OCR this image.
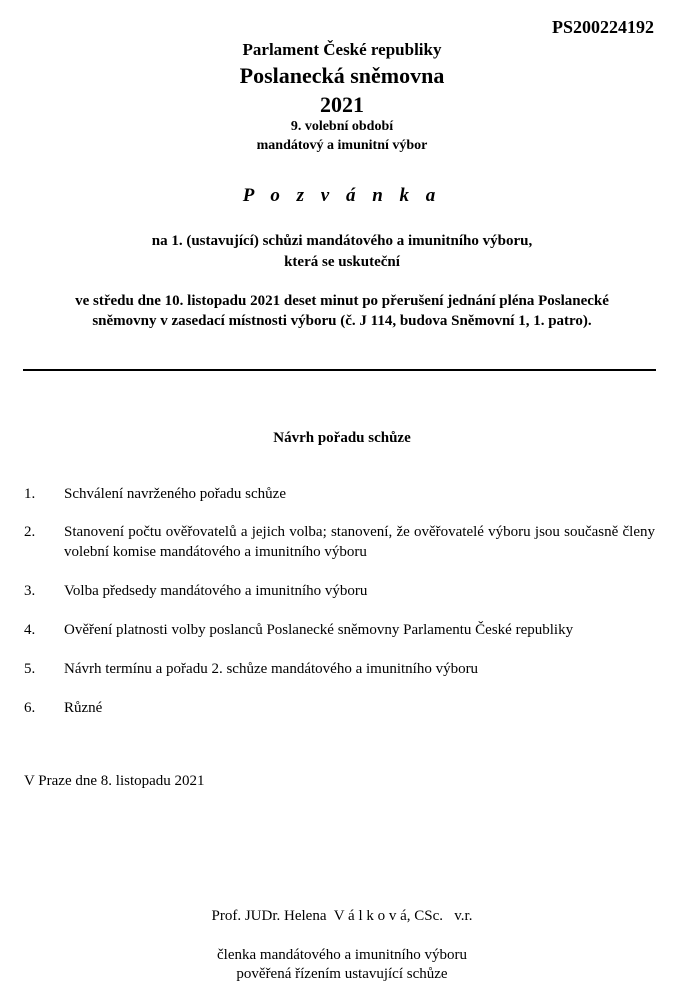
PS200224192
Parlament České republiky
Poslanecká sněmovna
2021
9. volební období
mandátový a imunitní výbor
P o z v á n k a
na 1. (ustavující) schůzi mandátového a imunitního výboru,
která se uskuteční
ve středu dne 10. listopadu 2021 deset minut po přerušení jednání pléna Poslanecké
sněmovny v zasedací místnosti výboru (č. J 114, budova Sněmovní 1, 1. patro).
Návrh pořadu schůze
1.	Schválení navrženého pořadu schůze
2.	Stanovení počtu ověřovatelů a jejich volba; stanovení, že ověřovatelé výboru jsou současně členy volební komise mandátového a imunitního výboru
3.	Volba předsedy mandátového a imunitního výboru
4.	Ověření platnosti volby poslanců Poslanecké sněmovny Parlamentu České republiky
5.	Návrh termínu a pořadu 2. schůze mandátového a imunitního výboru
6.	Různé
V Praze dne 8. listopadu 2021
Prof. JUDr. Helena  V á l k o v á, CSc.   v.r.
členka mandátového a imunitního výboru
pověřená řízením ustavující schůze
